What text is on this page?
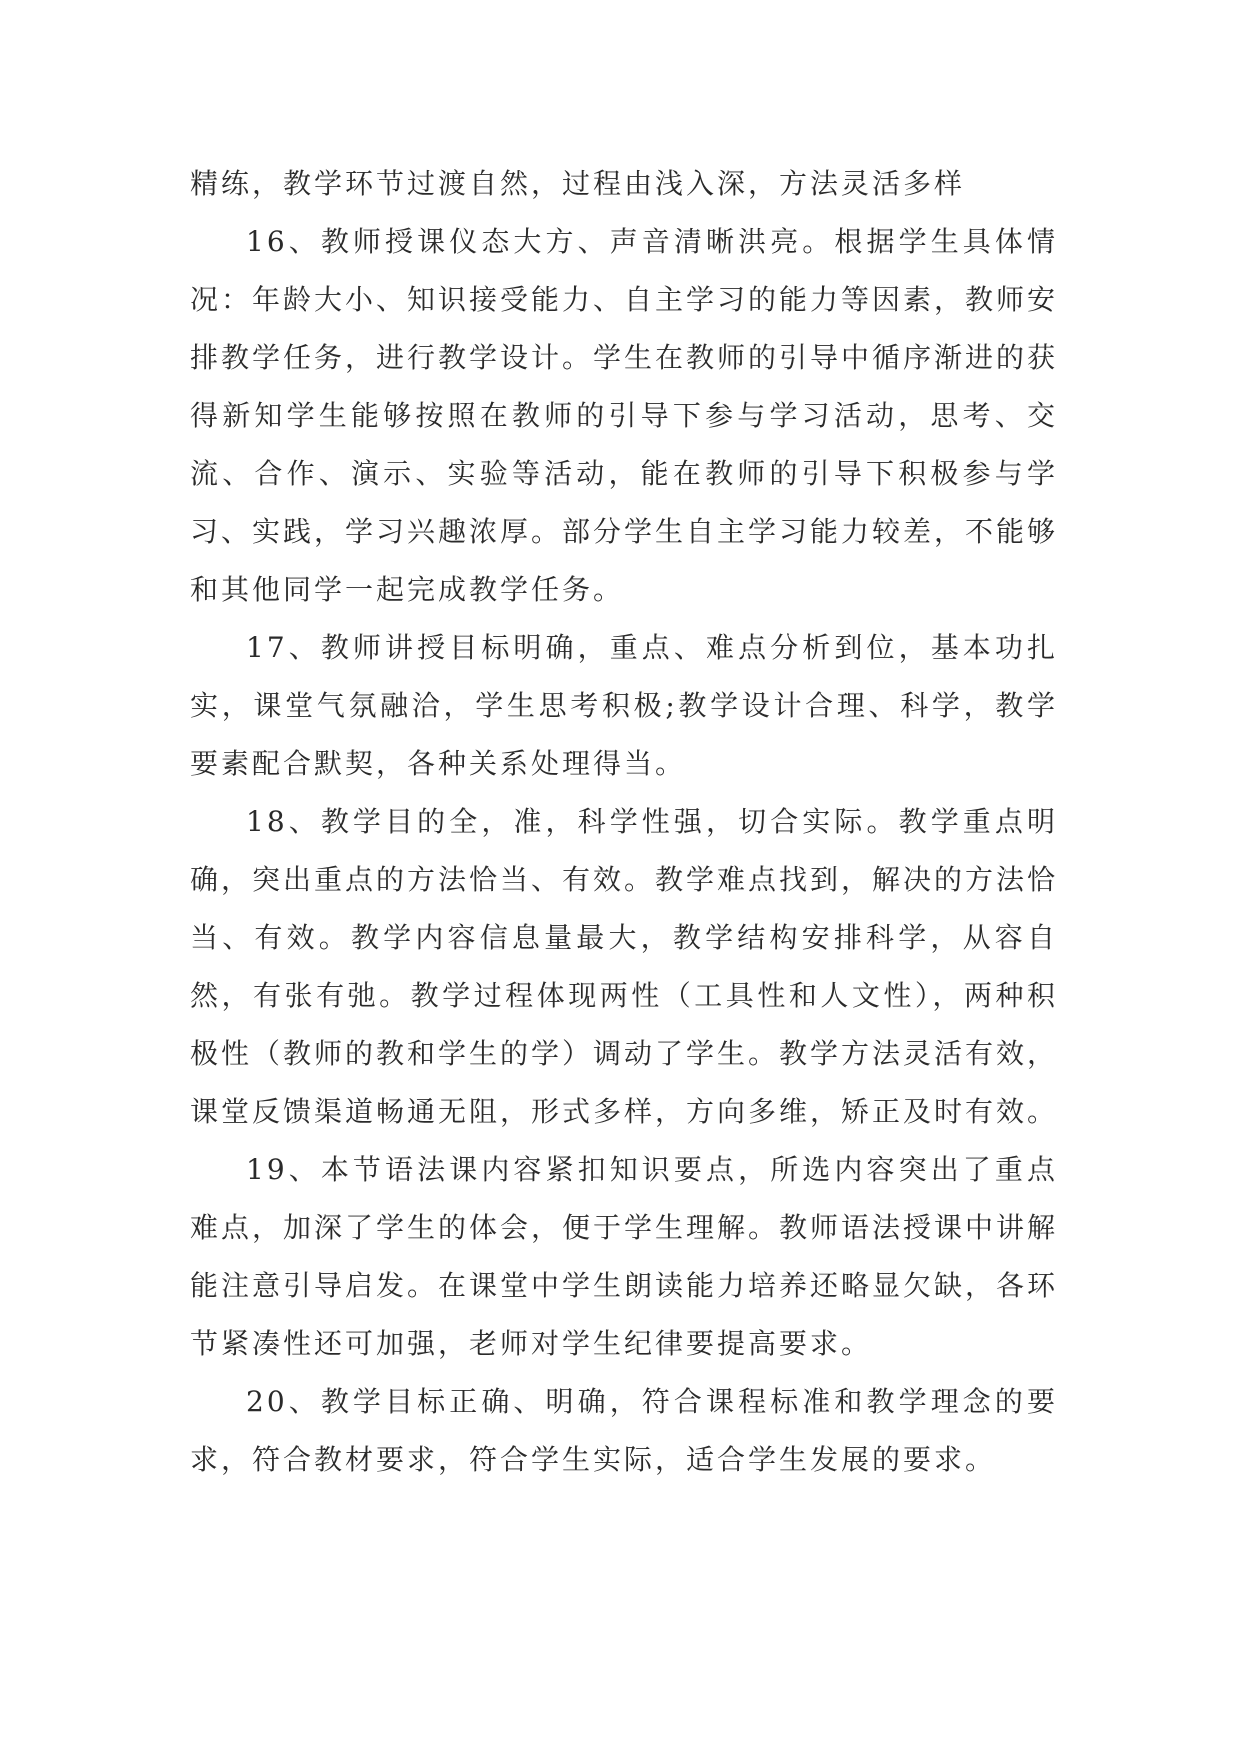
精练，教学环节过渡自然，过程由浅入深，方法灵活多样

16、教师授课仪态大方、声音清晰洪亮。根据学生具体情况：年龄大小、知识接受能力、自主学习的能力等因素，教师安排教学任务，进行教学设计。学生在教师的引导中循序渐进的获得新知学生能够按照在教师的引导下参与学习活动，思考、交流、合作、演示、实验等活动，能在教师的引导下积极参与学习、实践，学习兴趣浓厚。部分学生自主学习能力较差，不能够和其他同学一起完成教学任务。

17、教师讲授目标明确，重点、难点分析到位，基本功扎实，课堂气氛融洽，学生思考积极;教学设计合理、科学，教学要素配合默契，各种关系处理得当。

18、教学目的全，准，科学性强，切合实际。教学重点明确，突出重点的方法恰当、有效。教学难点找到，解决的方法恰当、有效。教学内容信息量最大，教学结构安排科学，从容自然，有张有弛。教学过程体现两性（工具性和人文性），两种积极性（教师的教和学生的学）调动了学生。教学方法灵活有效，课堂反馈渠道畅通无阻，形式多样，方向多维，矫正及时有效。

19、本节语法课内容紧扣知识要点，所选内容突出了重点难点，加深了学生的体会，便于学生理解。教师语法授课中讲解能注意引导启发。在课堂中学生朗读能力培养还略显欠缺，各环节紧凑性还可加强，老师对学生纪律要提高要求。

20、教学目标正确、明确，符合课程标准和教学理念的要求，符合教材要求，符合学生实际，适合学生发展的要求。
